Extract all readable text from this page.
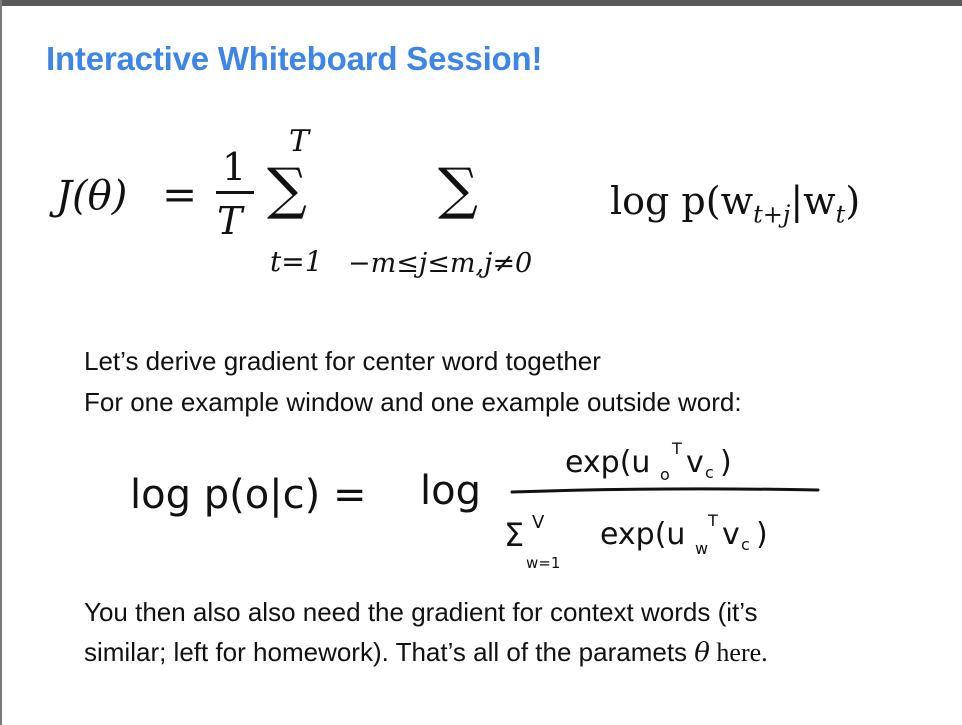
Interactive Whiteboard Session!
J(θ) =
1
T
T
∑
t=1
∑
−m≤j≤m,j≠0
$\log p(w_{t+j}|w_t)$
Let’s derive gradient for center word together
For one example window and one example outside word:
log p(o|c) = log
exp(u o
T v c )
Σ V
w=1
exp(u w
T v c )
You then also also need the gradient for context words (it’s
similar; left for homework). That’s all of the paramets θ here.
